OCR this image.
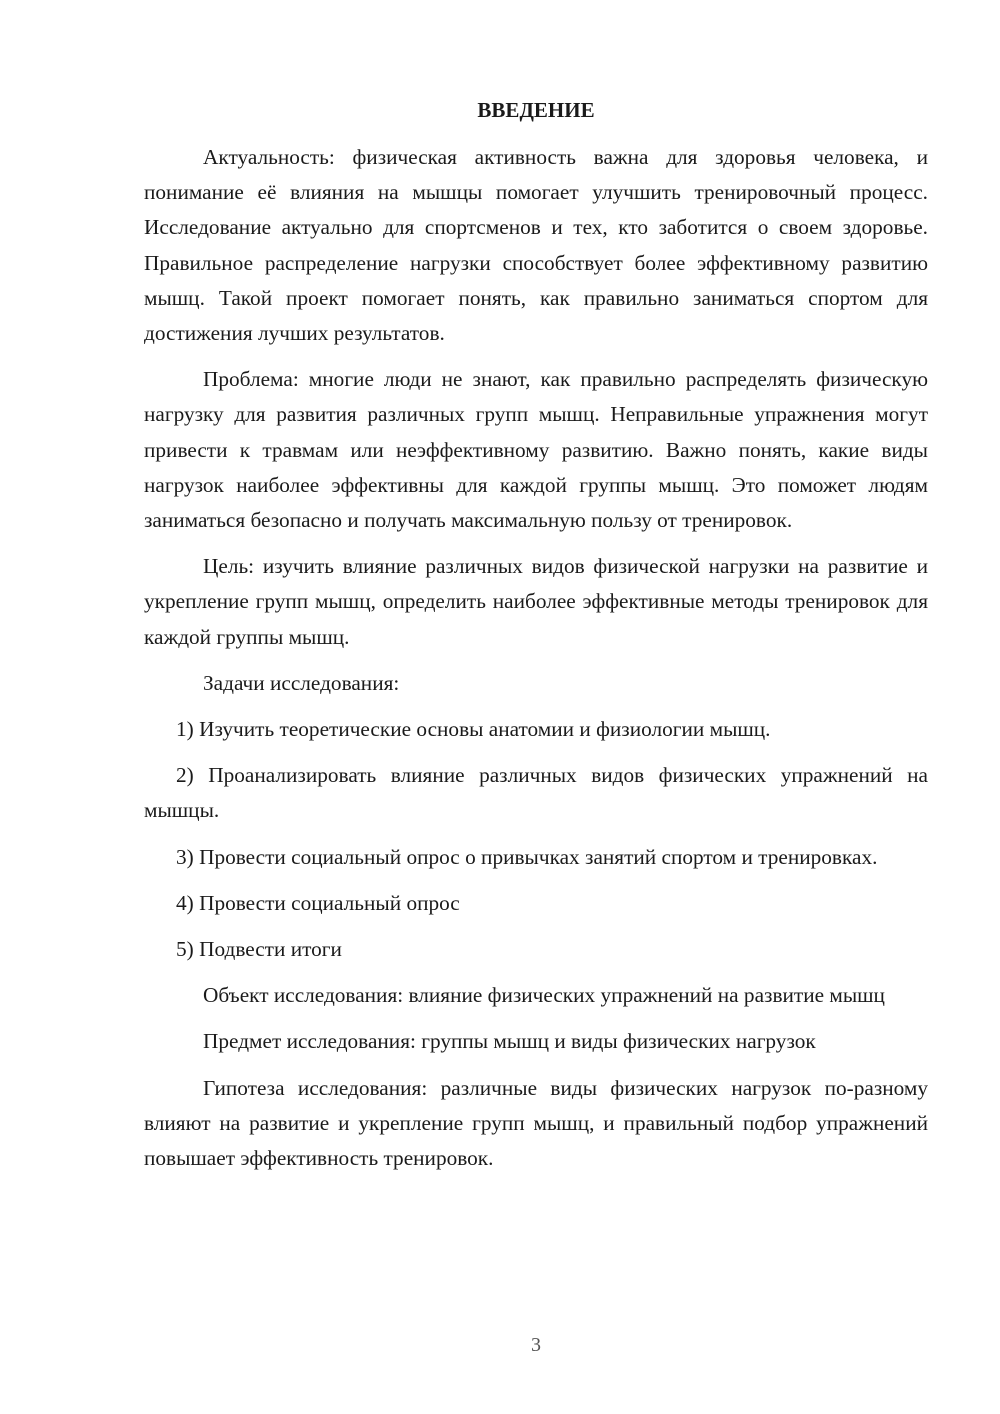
ВВЕДЕНИЕ

Актуальность: физическая активность важна для здоровья человека, и понимание её влияния на мышцы помогает улучшить тренировочный процесс. Исследование актуально для спортсменов и тех, кто заботится о своем здоровье. Правильное распределение нагрузки способствует более эффективному развитию мышц. Такой проект помогает понять, как правильно заниматься спортом для достижения лучших результатов.

Проблема: многие люди не знают, как правильно распределять физическую нагрузку для развития различных групп мышц. Неправильные упражнения могут привести к травмам или неэффективному развитию. Важно понять, какие виды нагрузок наиболее эффективны для каждой группы мышц. Это поможет людям заниматься безопасно и получать максимальную пользу от тренировок.

Цель: изучить влияние различных видов физической нагрузки на развитие и укрепление групп мышц, определить наиболее эффективные методы тренировок для каждой группы мышц.

Задачи исследования:

1) Изучить теоретические основы анатомии и физиологии мышц.

2) Проанализировать влияние различных видов физических упражнений на мышцы.

3) Провести социальный опрос о привычках занятий спортом и тренировках.

4) Провести социальный опрос

5) Подвести итоги

Объект исследования: влияние физических упражнений на развитие мышц

Предмет исследования: группы мышц и виды физических нагрузок

Гипотеза исследования: различные виды физических нагрузок по-разному влияют на развитие и укрепление групп мышц, и правильный подбор упражнений повышает эффективность тренировок.

3
